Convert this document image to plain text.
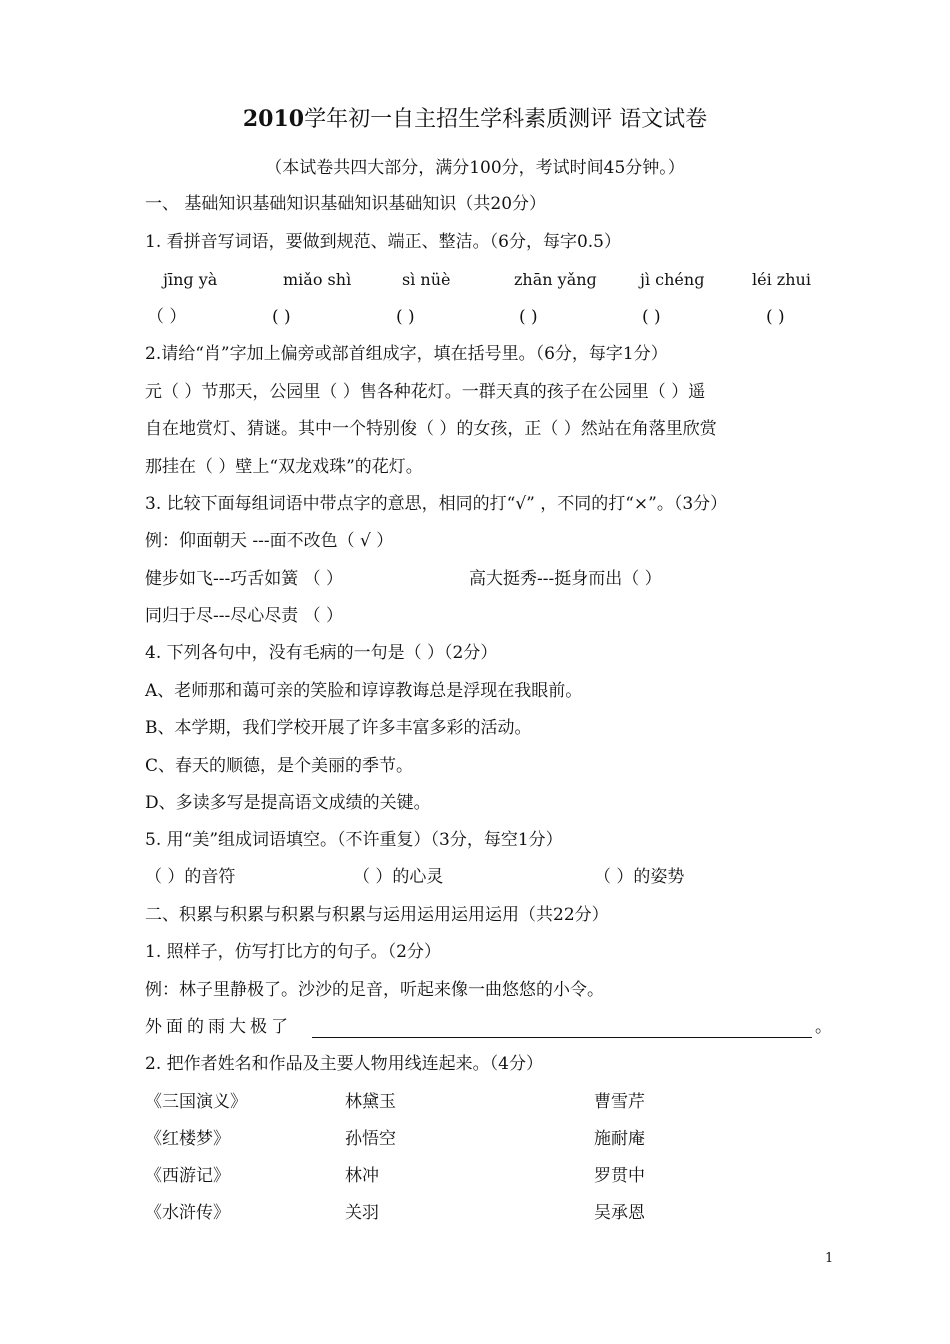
2010学年初一自主招生学科素质测评 语文试卷
（本试卷共四大部分，满分100分，考试时间45分钟。）
一、 基础知识基础知识基础知识基础知识（共20分）
1. 看拼音写词语，要做到规范、端正、整洁。（6分，每字0.5）
jīnɡ yà	miǎo shì	sì nüè	zhān yǎnɡ	jì chénɡ	léi zhui
（ ）	( )	( )	( )	( )	( )
2.请给“肖”字加上偏旁或部首组成字，填在括号里。（6分，每字1分）
元（ ）节那天，公园里（ ）售各种花灯。一群天真的孩子在公园里（ ）遥
自在地赏灯、猜谜。其中一个特别俊（ ）的女孩，正（ ）然站在角落里欣赏
那挂在（ ）壁上“双龙戏珠”的花灯。
3. 比较下面每组词语中带点字的意思，相同的打“√” ，不同的打“×”。（3分）
例：仰面朝天 ---面不改色（ √ ）
健步如飞---巧舌如簧 （ ）	高大挺秀---挺身而出（ ）
同归于尽---尽心尽责 （ ）
4. 下列各句中，没有毛病的一句是（ ）（2分）
A、老师那和蔼可亲的笑脸和谆谆教诲总是浮现在我眼前。
B、本学期，我们学校开展了许多丰富多彩的活动。
C、春天的顺德，是个美丽的季节。
D、多读多写是提高语文成绩的关键。
5. 用“美”组成词语填空。（不许重复）（3分，每空1分）
（ ）的音符	（ ）的心灵	（ ）的姿势
二、积累与积累与积累与积累与运用运用运用运用（共22分）
1. 照样子，仿写打比方的句子。（2分）
例：林子里静极了。沙沙的足音，听起来像一曲悠悠的小令。
外面的雨大极了	。
2. 把作者姓名和作品及主要人物用线连起来。（4分）
《三国演义》	林黛玉	曹雪芹
《红楼梦》	孙悟空	施耐庵
《西游记》	林冲	罗贯中
《水浒传》	关羽	吴承恩
1
